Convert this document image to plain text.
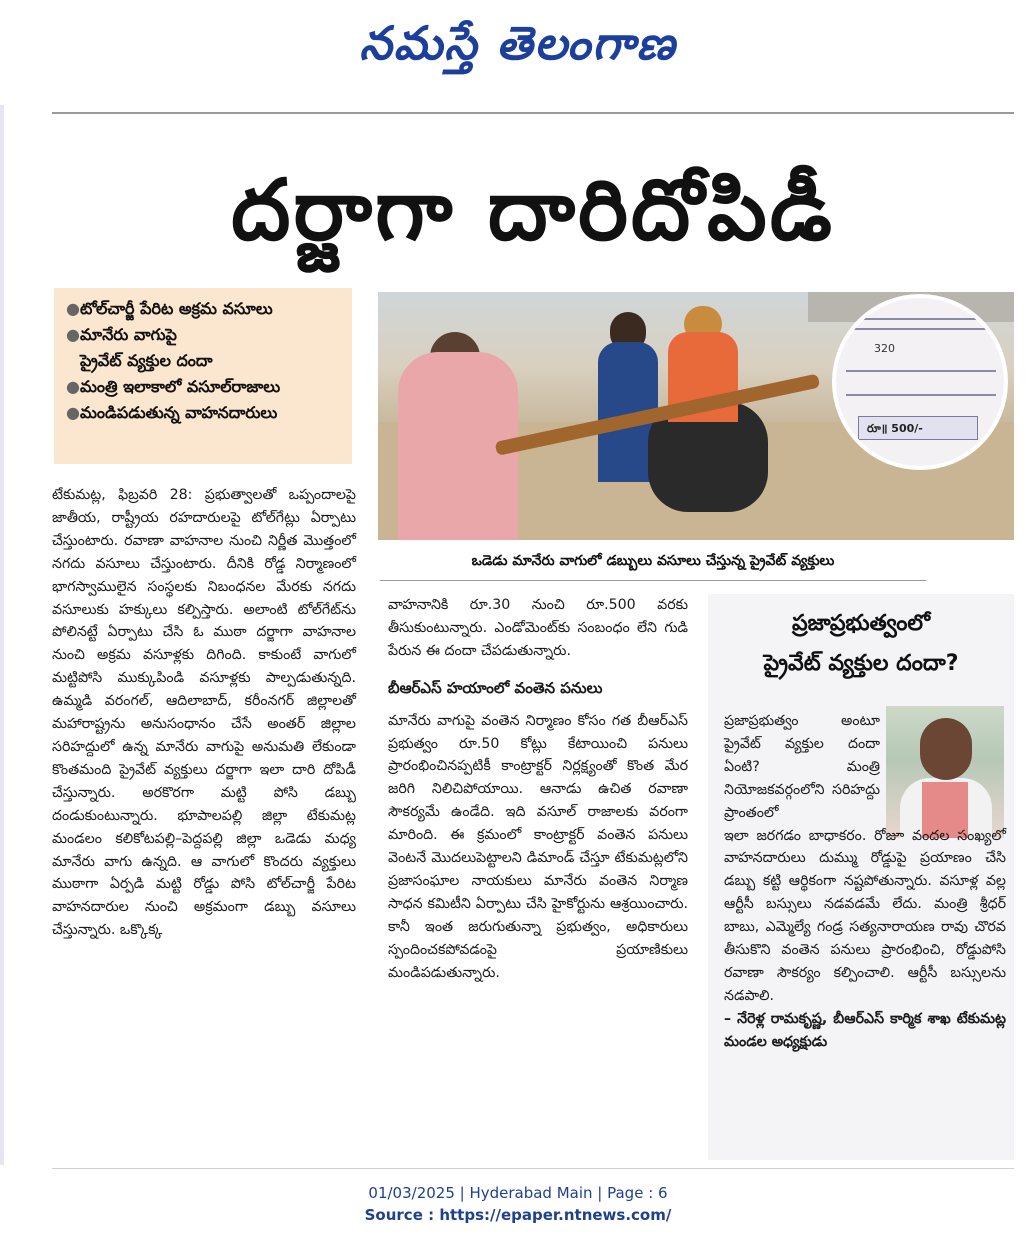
నమస్తే తెలంగాణ
దర్జాగా దారిదోపిడీ
● టోల్‌చార్జీ పేరిట అక్రమ వసూలు
● మానేరు వాగుపై
ప్రైవేట్ వ్యక్తుల దందా
● మంత్రి ఇలాకాలో వసూల్‌రాజాలు
● మండిపడుతున్న వాహనదారులు
320
రూ॥ 500/-
ఒడెడు మానేరు వాగులో డబ్బులు వసూలు చేస్తున్న ప్రైవేట్ వ్యక్తులు

టేకుమట్ల, ఫిబ్రవరి 28: ప్రభుత్వాలతో ఒప్పందాలపై జాతీయ, రాష్ట్రీయ రహదారులపై టోల్‌గేట్లు ఏర్పాటు చేస్తుంటారు. రవాణా వాహనాల నుంచి నిర్ణీత మొత్తంలో నగదు వసూలు చేస్తుంటారు. దీనికి రోడ్డ నిర్మాణంలో భాగస్వాములైన సంస్థలకు నిబంధనల మేరకు నగదు వసూలుకు హక్కులు కల్పిస్తారు. అలాంటి టోల్‌గేట్‌ను పోలినట్టే ఏర్పాటు చేసి ఓ ముఠా దర్జాగా వాహనాల నుంచి అక్రమ వసూళ్లకు దిగింది. కాకుంటే వాగులో మట్టిపోసి ముక్కుపిండి వసూళ్లకు పాల్పడుతున్నది. ఉమ్మడి వరంగల్, ఆదిలాబాద్, కరీంనగర్ జిల్లాలతో మహారాష్ట్రను అనుసంధానం చేసే అంతర్ జిల్లాల సరిహద్దులో ఉన్న మానేరు వాగుపై అనుమతి లేకుండా కొంతమంది ప్రైవేట్ వ్యక్తులు దర్జాగా ఇలా దారి దోపిడీ చేస్తున్నారు. అరకొరగా మట్టి పోసి డబ్బు దండుకుంటున్నారు. భూపాలపల్లి జిల్లా టేకుమట్ల మండలం కలికోటపల్లి–పెద్దపల్లి జిల్లా ఒడెడు మధ్య మానేరు వాగు ఉన్నది. ఆ వాగులో కొందరు వ్యక్తులు ముఠాగా ఏర్పడి మట్టి రోడ్డు పోసి టోల్‌చార్జీ పేరిట వాహనదారుల నుంచి అక్రమంగా డబ్బు వసూలు చేస్తున్నారు. ఒక్కొక్క

వాహనానికి రూ.30 నుంచి రూ.500 వరకు తీసుకుంటున్నారు. ఎండోమెంట్‌కు సంబంధం లేని గుడి పేరున ఈ దందా చేపడుతున్నారు.

బీఆర్‌ఎస్ హయాంలో వంతెన పనులు

మానేరు వాగుపై వంతెన నిర్మాణం కోసం గత బీఆర్‌ఎస్ ప్రభుత్వం రూ.50 కోట్లు కేటాయించి పనులు ప్రారంభించినప్పటికీ కాంట్రాక్టర్ నిర్లక్ష్యంతో కొంత మేర జరిగి నిలిచిపోయాయి. ఆనాడు ఉచిత రవాణా సౌకర్యమే ఉండేది. ఇది వసూల్ రాజాలకు వరంగా మారింది. ఈ క్రమంలో కాంట్రాక్టర్ వంతెన పనులు వెంటనే మొదలుపెట్టాలని డిమాండ్ చేస్తూ టేకుమట్లలోని ప్రజాసంఘాల నాయకులు మానేరు వంతెన నిర్మాణ సాధన కమిటీని ఏర్పాటు చేసి హైకోర్టును ఆశ్రయించారు. కానీ ఇంత జరుగుతున్నా ప్రభుత్వం, అధికారులు స్పందించకపోవడంపై ప్రయాణికులు మండిపడుతున్నారు.

ప్రజాప్రభుత్వంలో
ప్రైవేట్ వ్యక్తుల దందా?
ప్రజాప్రభుత్వం అంటూ ప్రైవేట్ వ్యక్తుల దందా ఏంటి? మంత్రి నియోజకవర్గంలోని సరిహద్దు ప్రాంతంలో
ఇలా జరగడం బాధాకరం. రోజూ వందల సంఖ్యలో వాహనదారులు దుమ్ము రోడ్డుపై ప్రయాణం చేసి డబ్బు కట్టి ఆర్థికంగా నష్టపోతున్నారు. వసూళ్ల వల్ల ఆర్టీసీ బస్సులు నడవడమే లేదు. మంత్రి శ్రీధర్ బాబు, ఎమ్మెల్యే గండ్ర సత్యనారాయణ రావు చొరవ తీసుకొని వంతెన పనులు ప్రారంభించి, రోడ్డుపోసి రవాణా సౌకర్యం కల్పించాలి. ఆర్టీసీ బస్సులను నడపాలి.
– నేరెళ్ల రామకృష్ణ, బీఆర్‌ఎస్ కార్మిక శాఖ టేకుమట్ల మండల అధ్యక్షుడు
01/03/2025 | Hyderabad Main | Page : 6
Source : https://epaper.ntnews.com/
